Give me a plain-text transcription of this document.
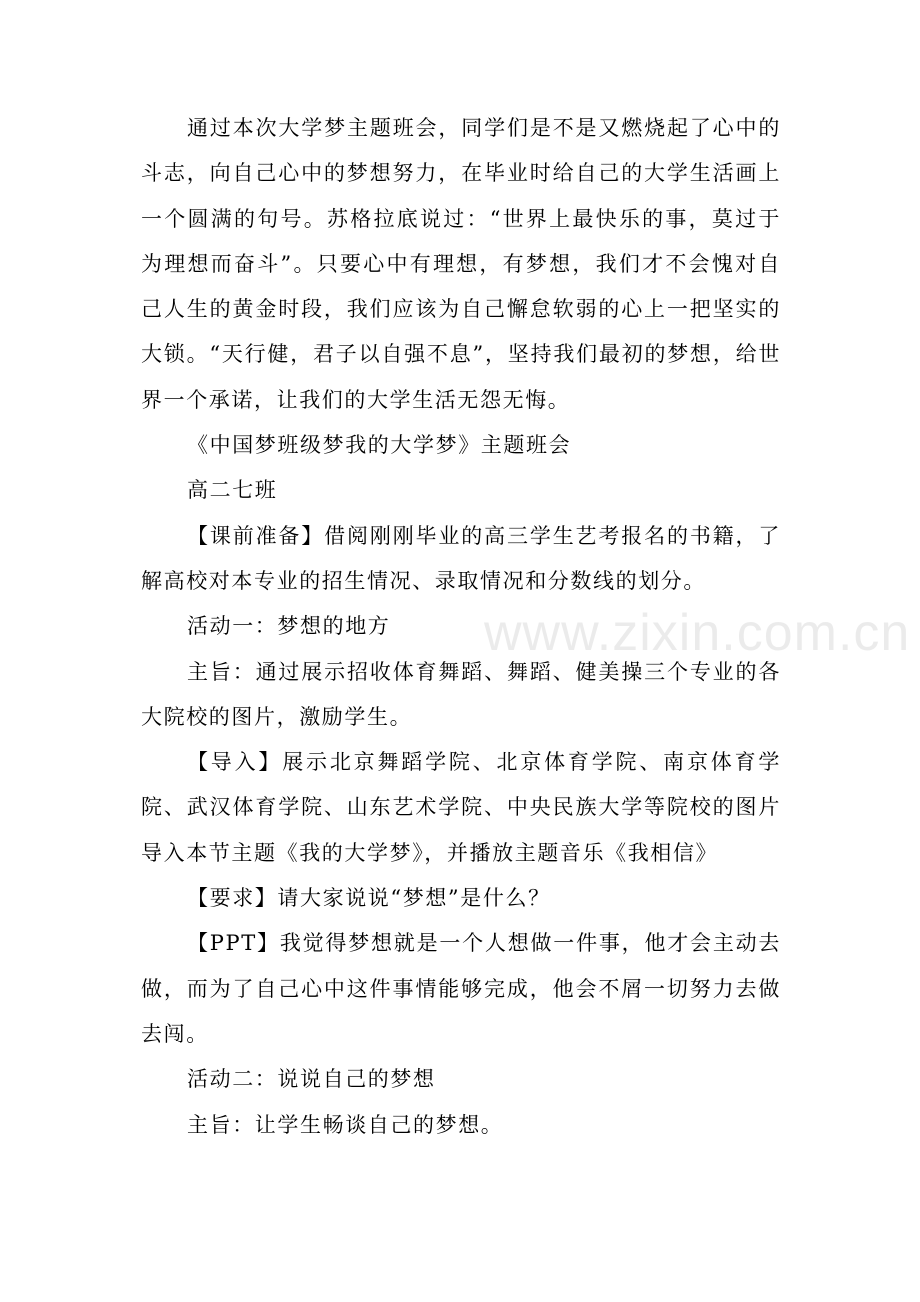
www.zixin.com.cn

通过本次大学梦主题班会，同学们是不是又燃烧起了心中的斗志，向自己心中的梦想努力，在毕业时给自己的大学生活画上一个圆满的句号。苏格拉底说过：“世界上最快乐的事，莫过于为理想而奋斗”。只要心中有理想，有梦想，我们才不会愧对自己人生的黄金时段，我们应该为自己懈怠软弱的心上一把坚实的大锁。“天行健，君子以自强不息”，坚持我们最初的梦想，给世界一个承诺，让我们的大学生活无怨无悔。

《中国梦班级梦我的大学梦》主题班会

高二七班

【课前准备】借阅刚刚毕业的高三学生艺考报名的书籍，了解高校对本专业的招生情况、录取情况和分数线的划分。

活动一：梦想的地方

主旨：通过展示招收体育舞蹈、舞蹈、健美操三个专业的各大院校的图片，激励学生。

【导入】展示北京舞蹈学院、北京体育学院、南京体育学院、武汉体育学院、山东艺术学院、中央民族大学等院校的图片导入本节主题《我的大学梦》，并播放主题音乐《我相信》

【要求】请大家说说“梦想”是什么？

【PPT】我觉得梦想就是一个人想做一件事，他才会主动去做，而为了自己心中这件事情能够完成，他会不屑一切努力去做去闯。

活动二：说说自己的梦想

主旨：让学生畅谈自己的梦想。
